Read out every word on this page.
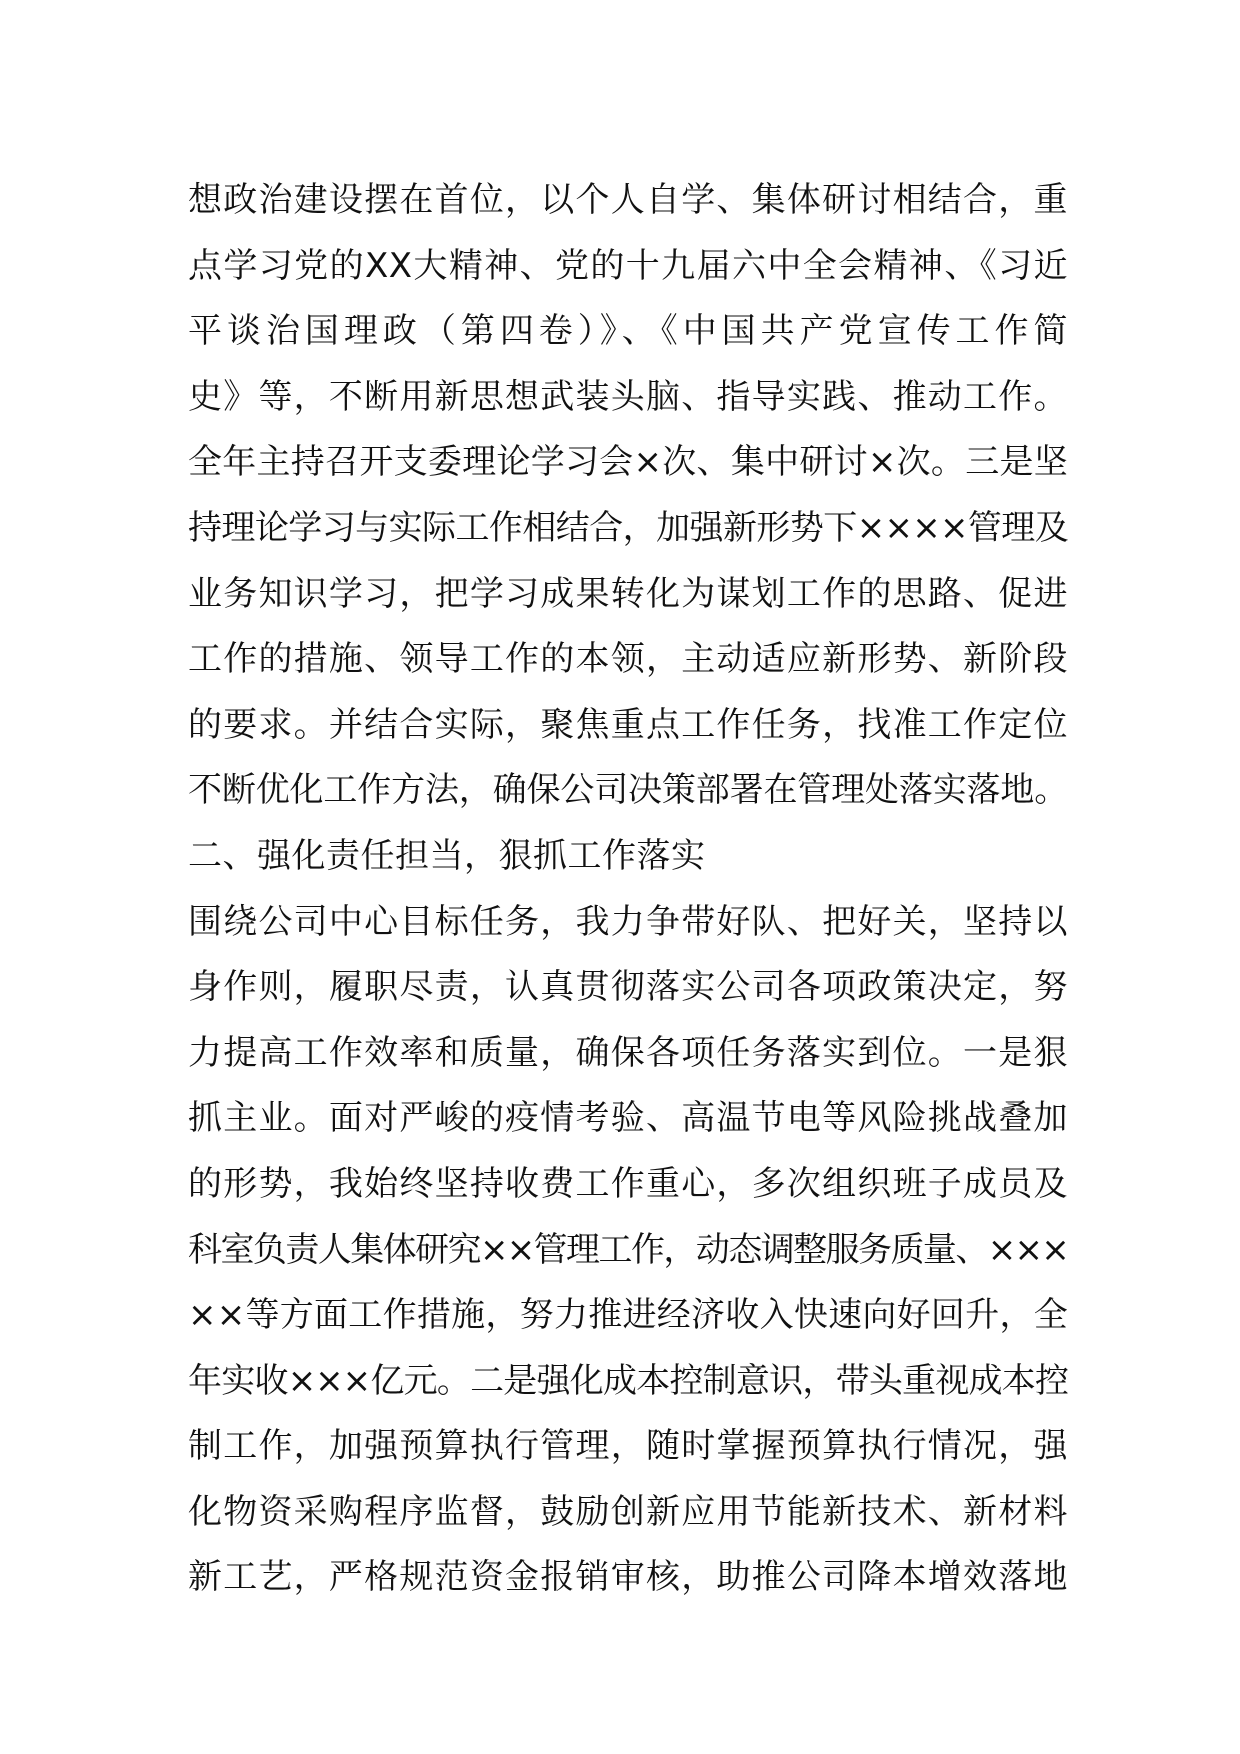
想政治建设摆在首位，以个人自学、集体研讨相结合，重
点学习党的XX大精神、党的十九届六中全会精神、《习近
平谈治国理政（第四卷）》、《中国共产党宣传工作简
史》等，不断用新思想武装头脑、指导实践、推动工作。
全年主持召开支委理论学习会×次、集中研讨×次。三是坚
持理论学习与实际工作相结合，加强新形势下××××管理及
业务知识学习，把学习成果转化为谋划工作的思路、促进
工作的措施、领导工作的本领，主动适应新形势、新阶段
的要求。并结合实际，聚焦重点工作任务，找准工作定位
不断优化工作方法，确保公司决策部署在管理处落实落地。
二、强化责任担当，狠抓工作落实
围绕公司中心目标任务，我力争带好队、把好关，坚持以
身作则，履职尽责，认真贯彻落实公司各项政策决定，努
力提高工作效率和质量，确保各项任务落实到位。一是狠
抓主业。面对严峻的疫情考验、高温节电等风险挑战叠加
的形势，我始终坚持收费工作重心，多次组织班子成员及
科室负责人集体研究××管理工作，动态调整服务质量、×××
××等方面工作措施，努力推进经济收入快速向好回升，全
年实收×××亿元。二是强化成本控制意识，带头重视成本控
制工作，加强预算执行管理，随时掌握预算执行情况，强
化物资采购程序监督，鼓励创新应用节能新技术、新材料
新工艺，严格规范资金报销审核，助推公司降本增效落地
